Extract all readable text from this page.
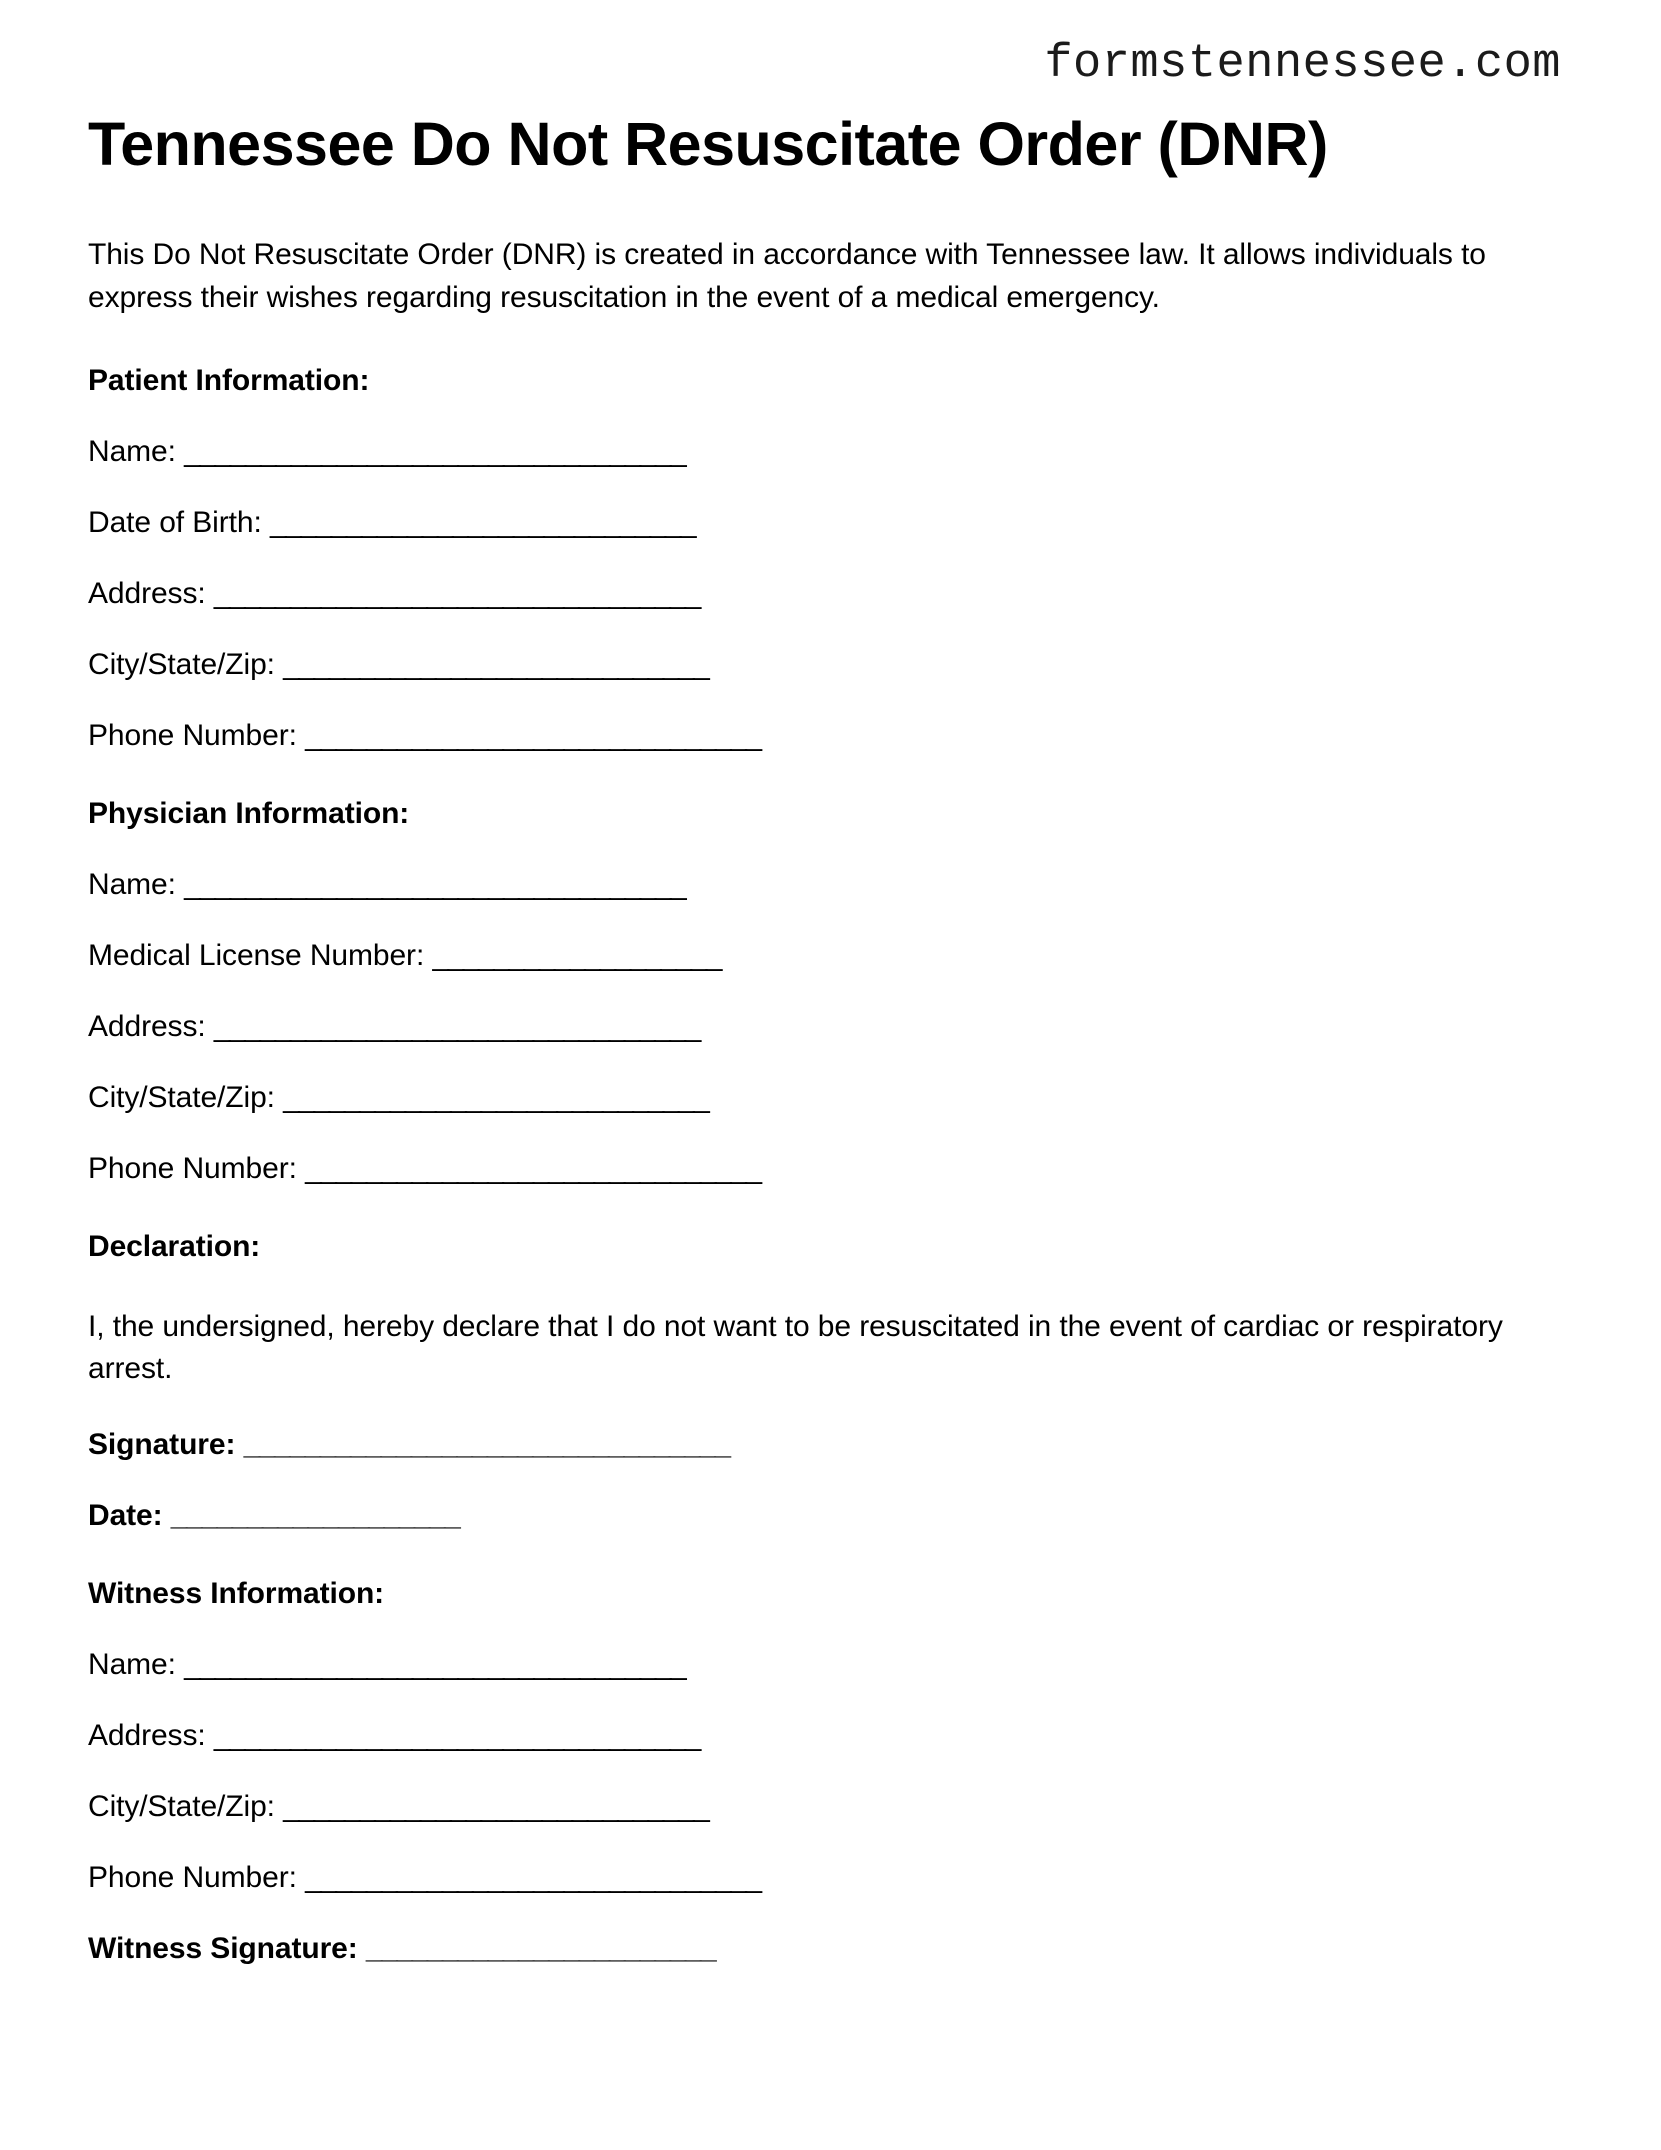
formstennessee.com
Tennessee Do Not Resuscitate Order (DNR)

This Do Not Resuscitate Order (DNR) is created in accordance with Tennessee law. It allows individuals to express their wishes regarding resuscitation in the event of a medical emergency.

Patient Information:

Name: _________________________________

Date of Birth: ____________________________

Address: ________________________________

City/State/Zip: ____________________________

Phone Number: ______________________________

Physician Information:

Name: _________________________________

Medical License Number: ___________________

Address: ________________________________

City/State/Zip: ____________________________

Phone Number: ______________________________

Declaration:

I, the undersigned, hereby declare that I do not want to be resuscitated in the event of cardiac or respiratory arrest.

Signature: ________________________________

Date: ___________________

Witness Information:

Name: _________________________________

Address: ________________________________

City/State/Zip: ____________________________

Phone Number: ______________________________

Witness Signature: _______________________
